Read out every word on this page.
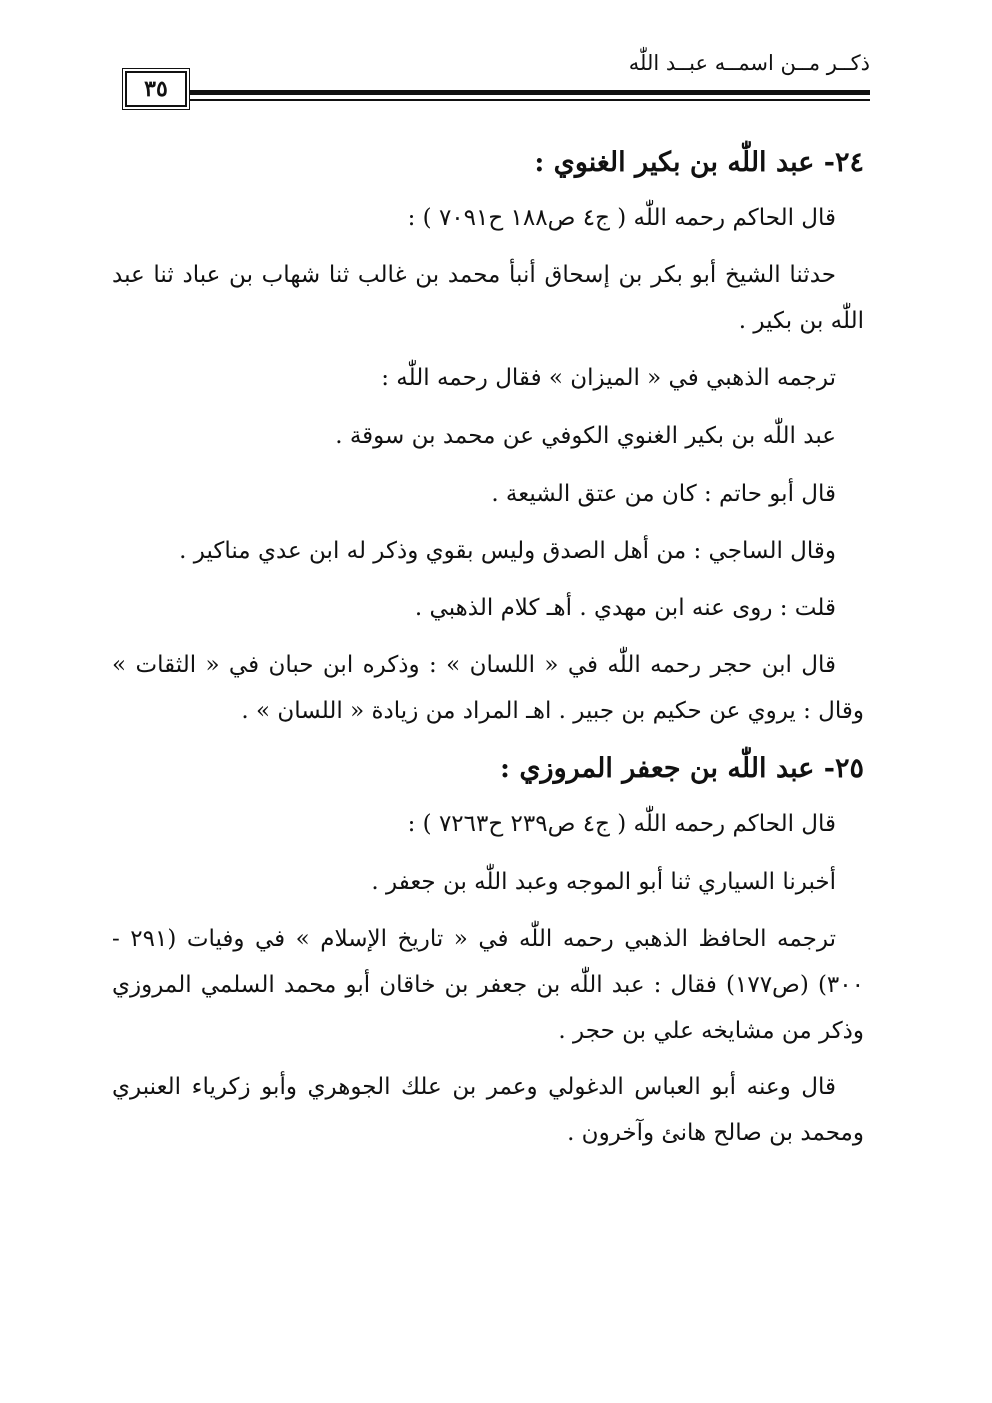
ذكــر مــن اسمــه عبــد اللّٰه
٣٥
٢٤- عبد اللّٰه بن بكير الغنوي :

قال الحاكم رحمه اللّٰه ( ج٤ ص١٨٨ ح٧٠٩١ ) :

حدثنا الشيخ أبو بكر بن إسحاق أنبأ محمد بن غالب ثنا شهاب بن عباد ثنا عبد اللّٰه بن بكير .

ترجمه الذهبي في « الميزان » فقال رحمه اللّٰه :

عبد اللّٰه بن بكير الغنوي الكوفي عن محمد بن سوقة .

قال أبو حاتم : كان من عتق الشيعة .

وقال الساجي : من أهل الصدق وليس بقوي وذكر له ابن عدي مناكير .

قلت : روى عنه ابن مهدي . أهـ كلام الذهبي .

قال ابن حجر رحمه اللّٰه في « اللسان » : وذكره ابن حبان في « الثقات » وقال : يروي عن حكيم بن جبير . اهـ المراد من زيادة « اللسان » .

٢٥- عبد اللّٰه بن جعفر المروزي :

قال الحاكم رحمه اللّٰه ( ج٤ ص٢٣٩ ح٧٢٦٣ ) :

أخبرنا السياري ثنا أبو الموجه وعبد اللّٰه بن جعفر .

ترجمه الحافظ الذهبي رحمه اللّٰه في « تاريخ الإسلام » في وفيات (٢٩١ - ٣٠٠) (ص١٧٧) فقال : عبد اللّٰه بن جعفر بن خاقان أبو محمد السلمي المروزي وذكر من مشايخه علي بن حجر .

قال وعنه أبو العباس الدغولي وعمر بن علك الجوهري وأبو زكرياء العنبري ومحمد بن صالح هانئ وآخرون .
